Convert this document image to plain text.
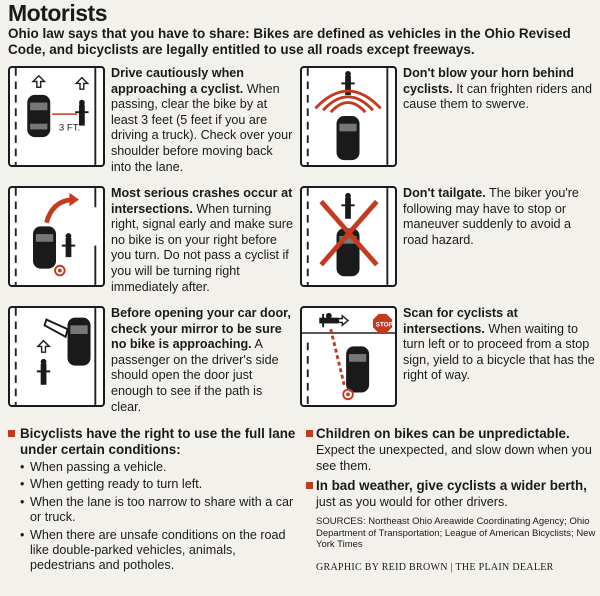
Motorists
Ohio law says that you have to share: Bikes are defined as vehicles in the Ohio Revised Code, and bicyclists are legally entitled to use all roads except freeways.
3 FT.
Drive cautiously when approaching a cyclist. When passing, clear the bike by at least 3 feet (5 feet if you are driving a truck). Check over your shoulder before moving back into the lane.
Most serious crashes occur at intersections. When turning right, signal early and make sure no bike is on your right before you turn. Do not pass a cyclist if you will be turning right immediately after.
Before opening your car door, check your mirror to be sure no bike is approaching. A passenger on the driver's side should open the door just enough to see if the path is clear.
Don't blow your horn behind cyclists. It can frighten riders and cause them to swerve.
Don't tailgate. The biker you're following may have to stop or maneuver suddenly to avoid a road hazard.
STOP
Scan for cyclists at intersections. When waiting to turn left or to proceed from a stop sign, yield to a bicycle that has the right of way.
Bicyclists have the right to use the full lane under certain conditions:
• When passing a vehicle.
• When getting ready to turn left.
• When the lane is too narrow to share with a car or truck.
• When there are unsafe conditions on the road like double-parked vehicles, animals, pedestrians and potholes.
Children on bikes can be unpredictable. Expect the unexpected, and slow down when you see them.
In bad weather, give cyclists a wider berth, just as you would for other drivers.
SOURCES: Northeast Ohio Areawide Coordinating Agency; Ohio Department of Transportation; League of American Bicyclists; New York Times
GRAPHIC BY REID BROWN | THE PLAIN DEALER
